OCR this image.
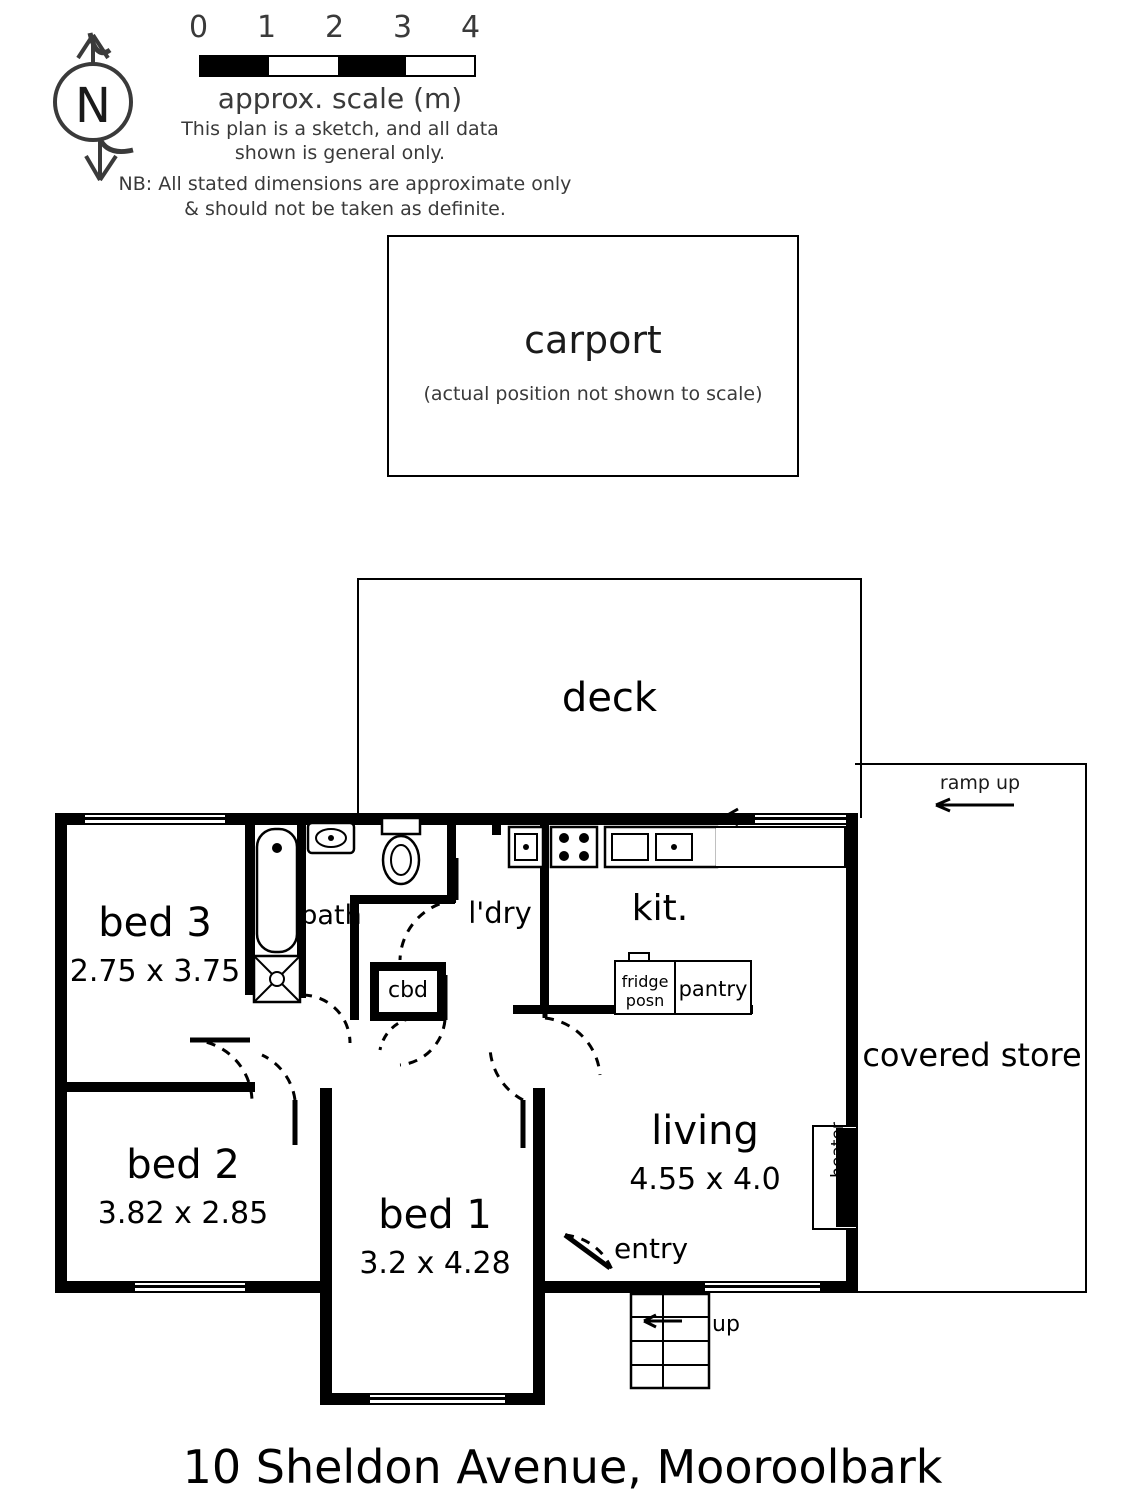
0 1 2 3 4
approx. scale (m)
This plan is a sketch, and all data shown is general only.
NB: All stated dimensions are approximate only & should not be taken as definite.
N
carport
(actual position not shown to scale)
deck
covered store
ramp up
fridge
posn pantry
heater
up
bed 3
2.75 x 3.75
bed 2
3.82 x 2.85	bed 1
3.2 x 4.28
living
4.55 x 4.0
bath	l'dry	kit.
cbd
entry
10 Sheldon Avenue, Mooroolbark
